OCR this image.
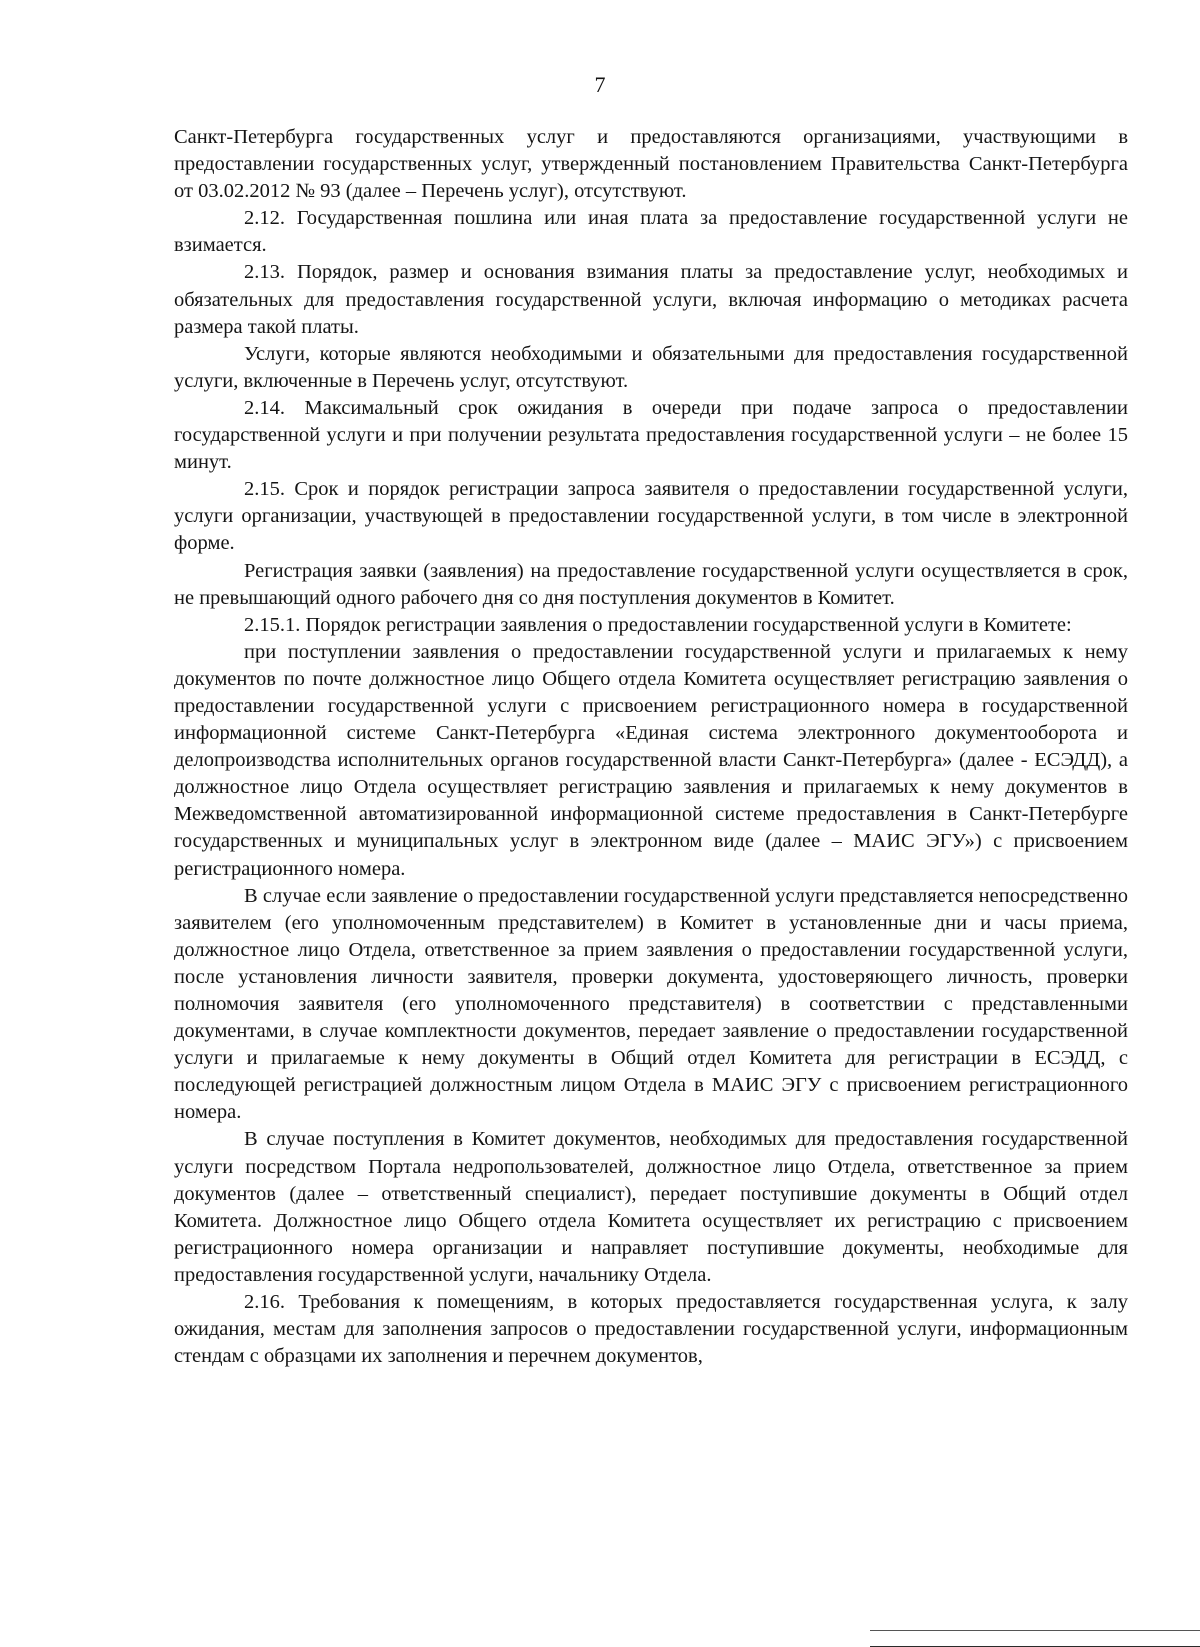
7

Санкт-Петербурга государственных услуг и предоставляются организациями, участвующими в предоставлении государственных услуг, утвержденный постановлением Правительства Санкт-Петербурга от 03.02.2012 № 93 (далее – Перечень услуг), отсутствуют.

2.12. Государственная пошлина или иная плата за предоставление государственной услуги не взимается.

2.13. Порядок, размер и основания взимания платы за предоставление услуг, необходимых и обязательных для предоставления государственной услуги, включая информацию о методиках расчета размера такой платы.

Услуги, которые являются необходимыми и обязательными для предоставления государственной услуги, включенные в Перечень услуг, отсутствуют.

2.14. Максимальный срок ожидания в очереди при подаче запроса о предоставлении государственной услуги и при получении результата предоставления государственной услуги – не более 15 минут.

2.15. Срок и порядок регистрации запроса заявителя о предоставлении государственной услуги, услуги организации, участвующей в предоставлении государственной услуги, в том числе в электронной форме.

Регистрация заявки (заявления) на предоставление государственной услуги осуществляется в срок, не превышающий одного рабочего дня со дня поступления документов в Комитет.

2.15.1. Порядок регистрации заявления о предоставлении государственной услуги в Комитете:

при поступлении заявления о предоставлении государственной услуги и прилагаемых к нему документов по почте должностное лицо Общего отдела Комитета осуществляет регистрацию заявления о предоставлении государственной услуги с присвоением регистрационного номера в государственной информационной системе Санкт-Петербурга «Единая система электронного документооборота и делопроизводства исполнительных органов государственной власти Санкт-Петербурга» (далее - ЕСЭДД), а должностное лицо Отдела осуществляет регистрацию заявления и прилагаемых к нему документов в Межведомственной автоматизированной информационной системе предоставления в Санкт-Петербурге государственных и муниципальных услуг в электронном виде (далее – МАИС ЭГУ») с присвоением регистрационного номера.

В случае если заявление о предоставлении государственной услуги представляется непосредственно заявителем (его уполномоченным представителем) в Комитет в установленные дни и часы приема, должностное лицо Отдела, ответственное за прием заявления о предоставлении государственной услуги, после установления личности заявителя, проверки документа, удостоверяющего личность, проверки полномочия заявителя (его уполномоченного представителя) в соответствии с представленными документами, в случае комплектности документов, передает заявление о предоставлении государственной услуги и прилагаемые к нему документы в Общий отдел Комитета для регистрации в ЕСЭДД, с последующей регистрацией должностным лицом Отдела в МАИС ЭГУ с присвоением регистрационного номера.

В случае поступления в Комитет документов, необходимых для предоставления государственной услуги посредством Портала недропользователей, должностное лицо Отдела, ответственное за прием документов (далее – ответственный специалист), передает поступившие документы в Общий отдел Комитета. Должностное лицо Общего отдела Комитета осуществляет их регистрацию с присвоением регистрационного номера организации и направляет поступившие документы, необходимые для предоставления государственной услуги, начальнику Отдела.

2.16. Требования к помещениям, в которых предоставляется государственная услуга, к залу ожидания, местам для заполнения запросов о предоставлении государственной услуги, информационным стендам с образцами их заполнения и перечнем документов,
